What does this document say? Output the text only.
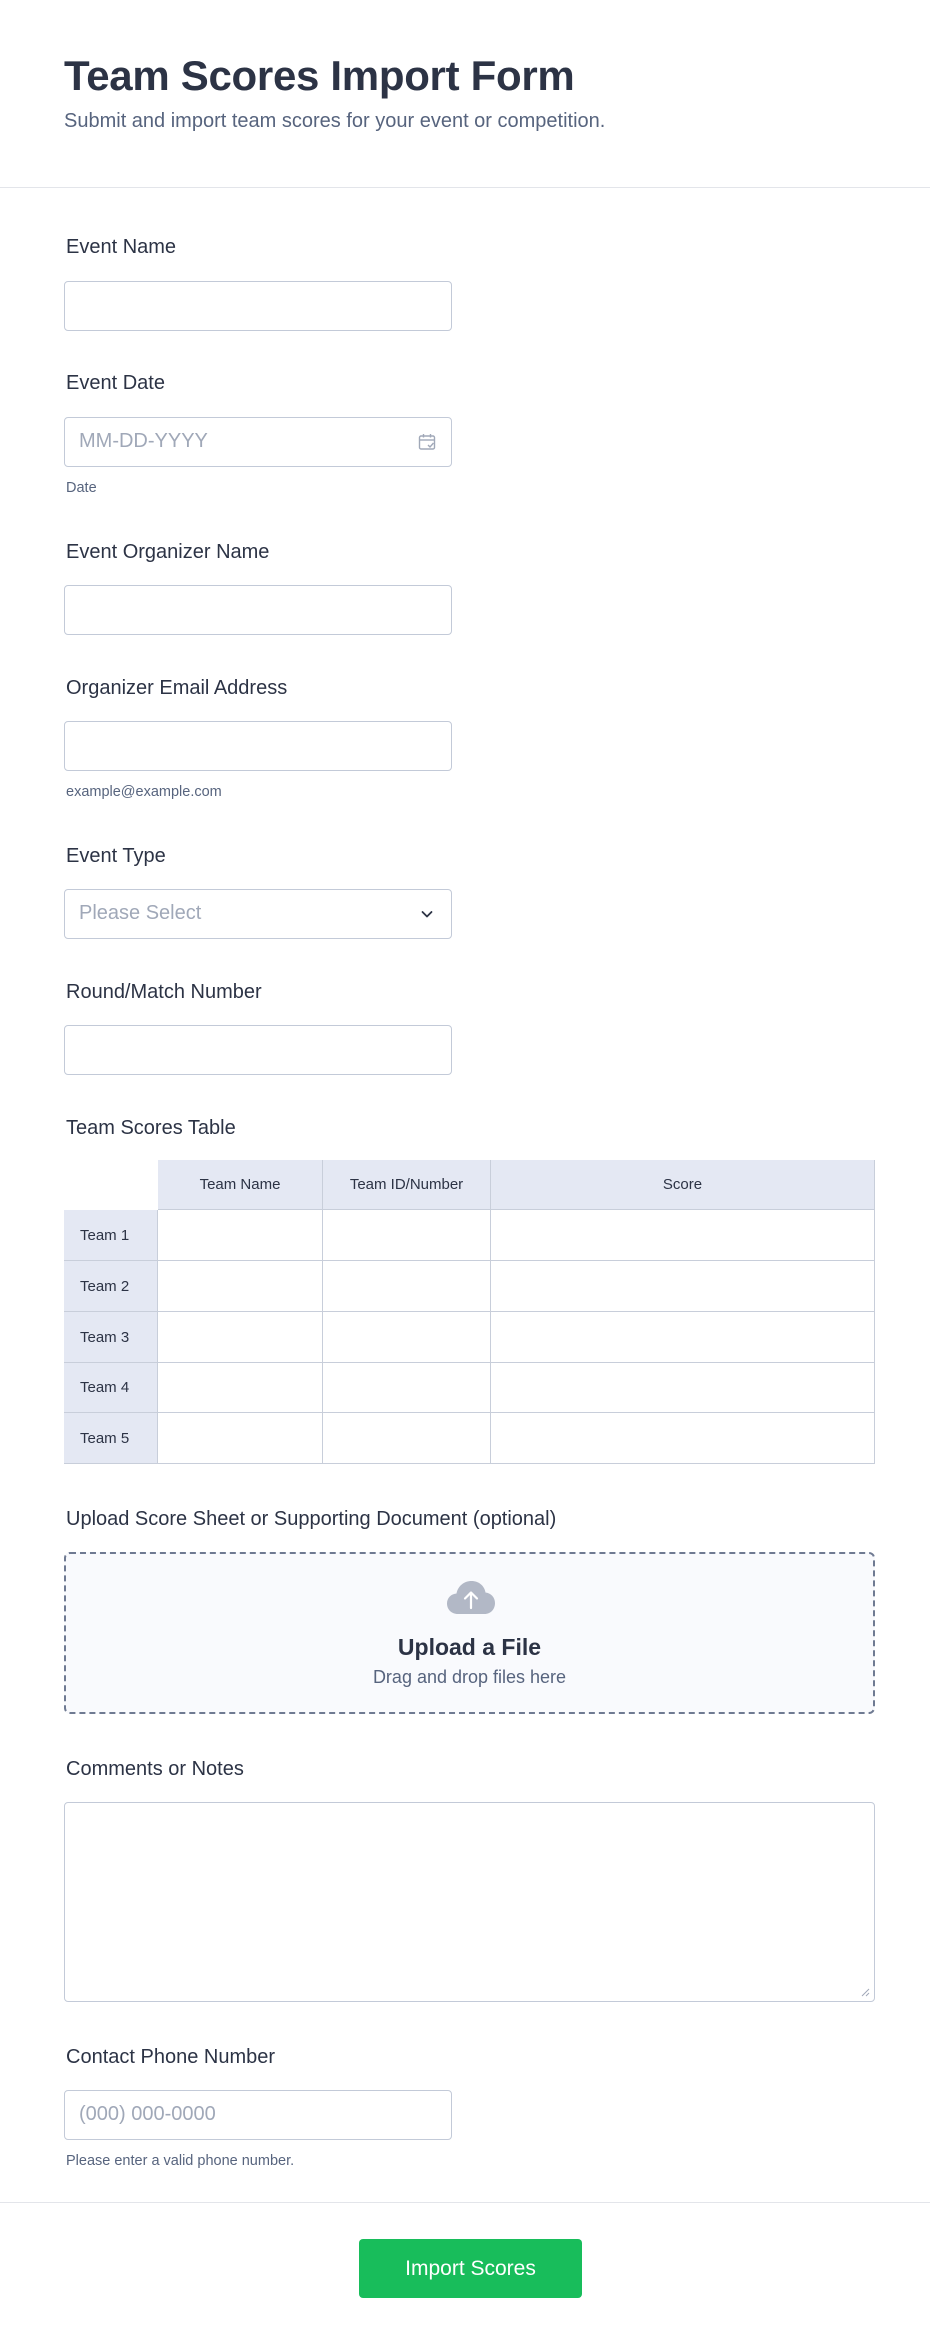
Team Scores Import Form
Submit and import team scores for your event or competition.
Event Name
Event Date
MM-DD-YYYY
Date
Event Organizer Name
Organizer Email Address
example@example.com
Event Type
Please Select
Round/Match Number
Team Scores Table
Team Name	Team ID/Number	Score
Team 1
Team 2
Team 3
Team 4
Team 5
Upload Score Sheet or Supporting Document (optional)
Upload a File
Drag and drop files here
Comments or Notes
Contact Phone Number
(000) 000-0000
Please enter a valid phone number.
Import Scores
